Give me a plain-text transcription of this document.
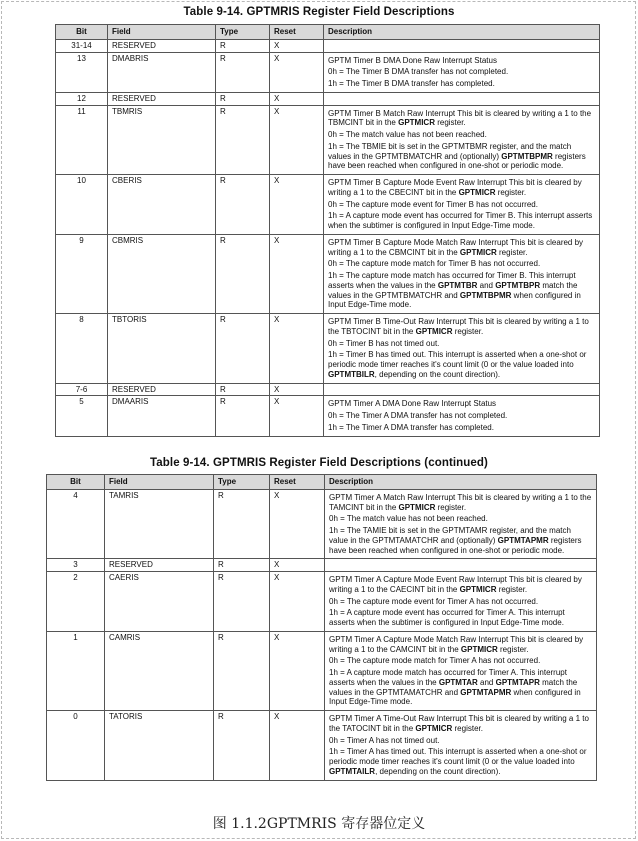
Table 9-14. GPTMRIS Register Field Descriptions
Bit	Field	Type	Reset	Description
31-14	RESERVED	R	X	
13	DMABRIS	R	X	GPTM Timer B DMA Done Raw Interrupt Status
0h = The Timer B DMA transfer has not completed.
1h = The Timer B DMA transfer has completed.

12	RESERVED	R	X	
11	TBMRIS	R	X	GPTM Timer B Match Raw Interrupt This bit is cleared by writing a 1 to the TBMCINT bit in the GPTMICR register.
0h = The match value has not been reached.
1h = The TBMIE bit is set in the GPTMTBMR register, and the match values in the GPTMTBMATCHR and (optionally) GPTMTBPMR registers have been reached when configured in one-shot or periodic mode.

10	CBERIS	R	X	GPTM Timer B Capture Mode Event Raw Interrupt This bit is cleared by writing a 1 to the CBECINT bit in the GPTMICR register.
0h = The capture mode event for Timer B has not occurred.
1h = A capture mode event has occurred for Timer B. This interrupt asserts when the subtimer is configured in Input Edge-Time mode.

9	CBMRIS	R	X	GPTM Timer B Capture Mode Match Raw Interrupt This bit is cleared by writing a 1 to the CBMCINT bit in the GPTMICR register.
0h = The capture mode match for Timer B has not occurred.
1h = The capture mode match has occurred for Timer B. This interrupt asserts when the values in the GPTMTBR and GPTMTBPR match the values in the GPTMTBMATCHR and GPTMTBPMR when configured in Input Edge-Time mode.

8	TBTORIS	R	X	GPTM Timer B Time-Out Raw Interrupt This bit is cleared by writing a 1 to the TBTOCINT bit in the GPTMICR register.
0h = Timer B has not timed out.
1h = Timer B has timed out. This interrupt is asserted when a one-shot or periodic mode timer reaches it's count limit (0 or the value loaded into GPTMTBILR, depending on the count direction).

7-6	RESERVED	R	X	
5	DMAARIS	R	X	GPTM Timer A DMA Done Raw Interrupt Status
0h = The Timer A DMA transfer has not completed.
1h = The Timer A DMA transfer has completed.
Table 9-14. GPTMRIS Register Field Descriptions (continued)
Bit	Field	Type	Reset	Description
4	TAMRIS	R	X	GPTM Timer A Match Raw Interrupt This bit is cleared by writing a 1 to the TAMCINT bit in the GPTMICR register.
0h = The match value has not been reached.
1h = The TAMIE bit is set in the GPTMTAMR register, and the match value in the GPTMTAMATCHR and (optionally) GPTMTAPMR registers have been reached when configured in one-shot or periodic mode.

3	RESERVED	R	X	
2	CAERIS	R	X	GPTM Timer A Capture Mode Event Raw Interrupt This bit is cleared by writing a 1 to the CAECINT bit in the GPTMICR register.
0h = The capture mode event for Timer A has not occurred.
1h = A capture mode event has occurred for Timer A. This interrupt asserts when the subtimer is configured in Input Edge-Time mode.

1	CAMRIS	R	X	GPTM Timer A Capture Mode Match Raw Interrupt This bit is cleared by writing a 1 to the CAMCINT bit in the GPTMICR register.
0h = The capture mode match for Timer A has not occurred.
1h = A capture mode match has occurred for Timer A. This interrupt asserts when the values in the GPTMTAR and GPTMTAPR match the values in the GPTMTAMATCHR and GPTMTAPMR when configured in Input Edge-Time mode.

0	TATORIS	R	X	GPTM Timer A Time-Out Raw Interrupt This bit is cleared by writing a 1 to the TATOCINT bit in the GPTMICR register.
0h = Timer A has not timed out.
1h = Timer A has timed out. This interrupt is asserted when a one-shot or periodic mode timer reaches it's count limit (0 or the value loaded into GPTMTAILR, depending on the count direction).
图 1.1.2GPTMRIS 寄存器位定义
